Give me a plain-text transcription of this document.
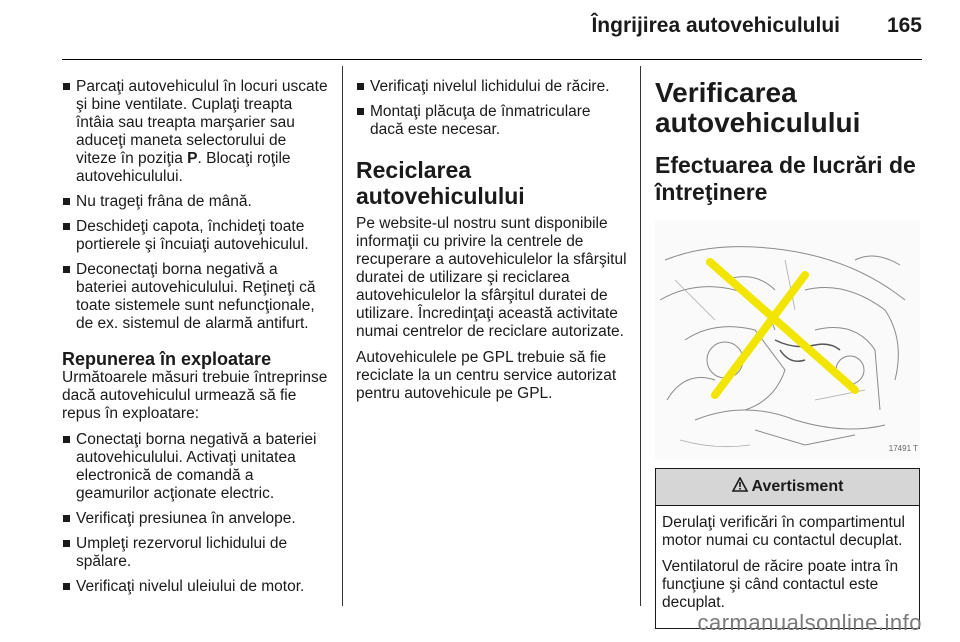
Îngrijirea autovehiculului 165
Parcaţi autovehiculul în locuri uscate şi bine ventilate. Cuplaţi treapta întâia sau treapta marşarier sau aduceţi maneta selectorului de viteze în poziţia P. Blocaţi roţile autovehiculului.
Nu trageţi frâna de mână.
Deschideţi capota, închideţi toate portierele şi încuiaţi autovehiculul.
Deconectaţi borna negativă a bateriei autovehiculului. Reţineţi că toate sistemele sunt nefuncţionale, de ex. sistemul de alarmă antifurt.
Repunerea în exploatare
Următoarele măsuri trebuie întreprinse dacă autovehiculul urmează să fie repus în exploatare:
Conectaţi borna negativă a bateriei autovehiculului. Activaţi unitatea electronică de comandă a geamurilor acţionate electric.
Verificaţi presiunea în anvelope.
Umpleţi rezervorul lichidului de spălare.
Verificaţi nivelul uleiului de motor.
Verificaţi nivelul lichidului de răcire.
Montaţi plăcuţa de înmatriculare dacă este necesar.
Reciclarea autovehiculului

Pe website-ul nostru sunt disponibile informaţii cu privire la centrele de recuperare a autovehiculelor la sfârşitul duratei de utilizare şi reciclarea autovehiculelor la sfârşitul duratei de utilizare. Încredinţaţi această activitate numai centrelor de reciclare autorizate.

Autovehiculele pe GPL trebuie să fie reciclate la un centru service autorizat pentru autovehicule pe GPL.

Verificarea autovehiculului
Efectuarea de lucrări de întreţinere
17491 T
Avertisment

Derulaţi verificări în compartimentul motor numai cu contactul decuplat.

Ventilatorul de răcire poate intra în funcţiune şi când contactul este decuplat.

carmanualsonline.info
